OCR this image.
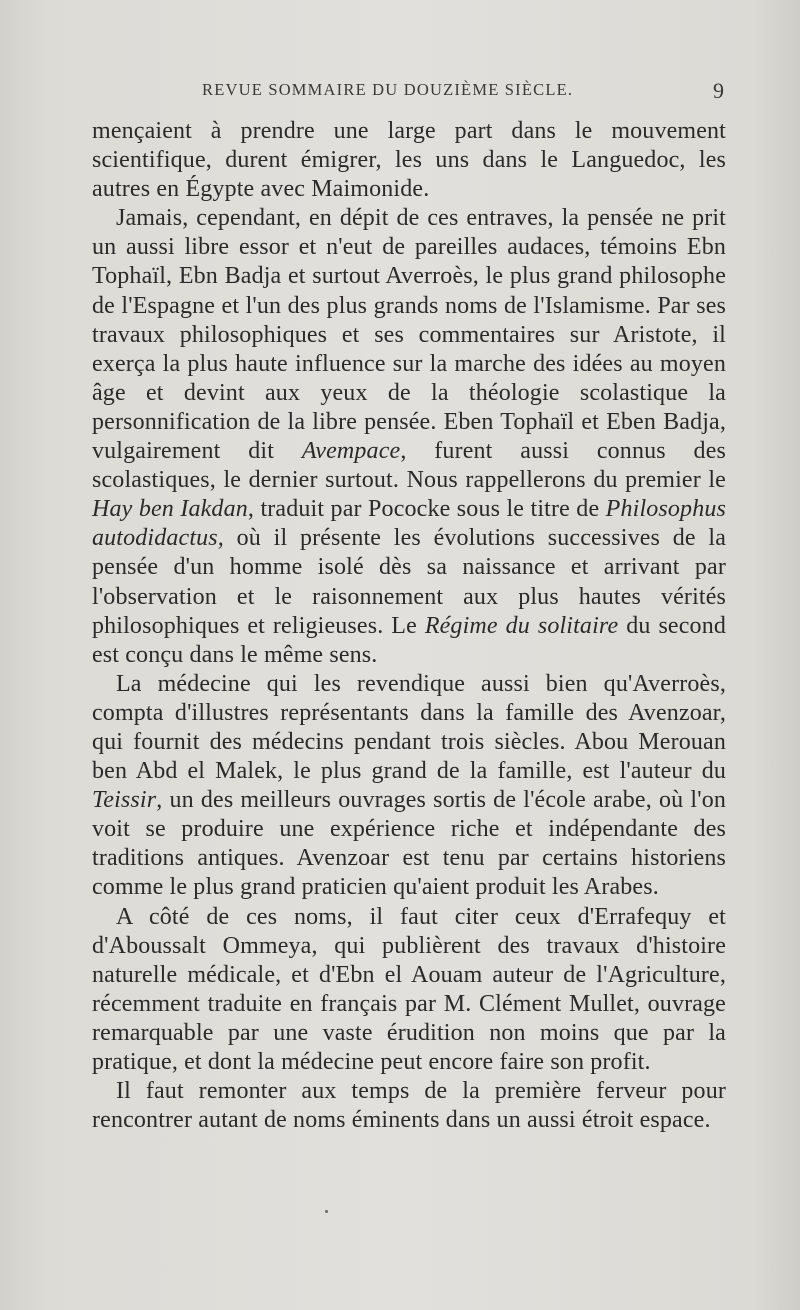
REVUE SOMMAIRE DU DOUZIÈME SIÈCLE.	9

mençaient à prendre une large part dans le mouvement scientifique, durent émigrer, les uns dans le Languedoc, les autres en Égypte avec Maimonide.

Jamais, cependant, en dépit de ces entraves, la pensée ne prit un aussi libre essor et n'eut de pareilles audaces, témoins Ebn Tophaïl, Ebn Badja et surtout Averroès, le plus grand philosophe de l'Espagne et l'un des plus grands noms de l'Islamisme. Par ses travaux philosophiques et ses commentaires sur Aristote, il exerça la plus haute influence sur la marche des idées au moyen âge et devint aux yeux de la théologie scolastique la personnification de la libre pensée. Eben Tophaïl et Eben Badja, vulgairement dit Avempace, furent aussi connus des scolastiques, le dernier surtout. Nous rappellerons du premier le Hay ben Iakdan, traduit par Pococke sous le titre de Philosophus autodidactus, où il présente les évolutions successives de la pensée d'un homme isolé dès sa naissance et arrivant par l'observation et le raisonnement aux plus hautes vérités philosophiques et religieuses. Le Régime du solitaire du second est conçu dans le même sens.

La médecine qui les revendique aussi bien qu'Averroès, compta d'illustres représentants dans la famille des Avenzoar, qui fournit des médecins pendant trois siècles. Abou Merouan ben Abd el Malek, le plus grand de la famille, est l'auteur du Teissir, un des meilleurs ouvrages sortis de l'école arabe, où l'on voit se produire une expérience riche et indépendante des traditions antiques. Avenzoar est tenu par certains historiens comme le plus grand praticien qu'aient produit les Arabes.

A côté de ces noms, il faut citer ceux d'Errafequy et d'Aboussalt Ommeya, qui publièrent des travaux d'histoire naturelle médicale, et d'Ebn el Aouam auteur de l'Agriculture, récemment traduite en français par M. Clément Mullet, ouvrage remarquable par une vaste érudition non moins que par la pratique, et dont la médecine peut encore faire son profit.

Il faut remonter aux temps de la première ferveur pour rencontrer autant de noms éminents dans un aussi étroit espace.
